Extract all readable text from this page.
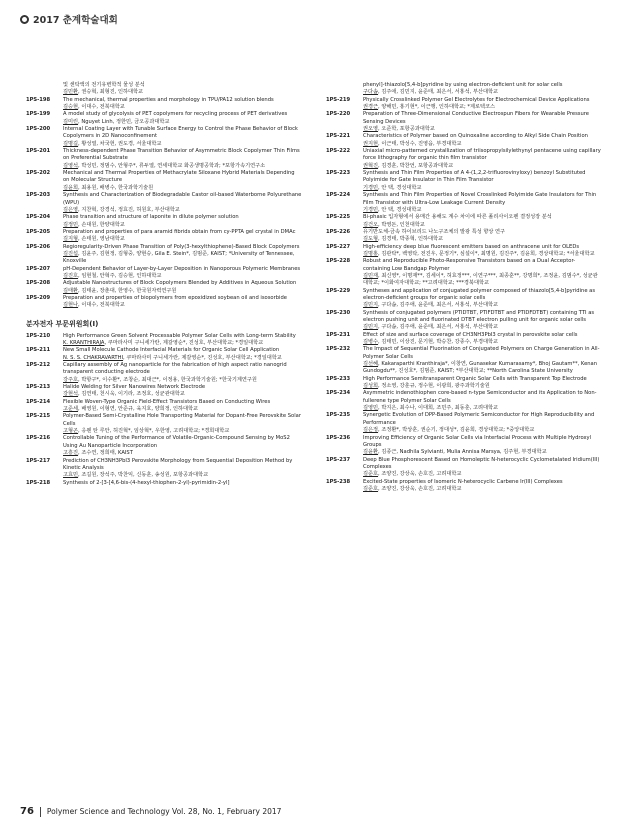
2017 춘계학술대회
및 센탁액의 전기유변학적 물성 분석
김민환, 권승혁, 최형진, 인하대학교
1PS-198	The mechanical, thermal properties and morphology in TPU/PA12 solution blends
김승현, 이대수, 전북대학교
1PS-199	A model study of glycolysis of PET copolymers for recycling process of PET derivatives
김미린, Nguyet Linh, 정한민, 금오공과대학교
1PS-200	Internal Coating Layer with Tunable Surface Energy to Control the Phase Behavior of Block Copolymers in 2D Nanoconfinement
김명길, 황성열, 차국헌, 권도경, 서울대학교
1PS-201	Thickness-dependent Phase Transition Behavior of Asymmetric Block Copolymer Thin Films on Preferential Substrate
김영석, 박성민, 정범수, 안형주*, 류두열, 연세대학교 화공생명공학과; *포항가속기연구소
1PS-202	Mechanical and Thermal Properties of Methacrylate Siloxane Hybrid Materials Depending on Molecular Structure
김윤희, 최용원, 배병수, 한국과학기술원
1PS-203	Synthesis and Characterization of Biodegradable Castor oil-based Waterborne Polyurethane (WPU)
김은영, 지찬혁, 강경석, 정효진, 허원호, 부산대학교
1PS-204	Phase transition and structure of laponite in dilute polymer solution
김정민, 손대원, 한양대학교
1PS-205	Preparation and properties of para aramid fibrids obtain from cy-PPTA gel crystal in DMAc
김지형, 손태원, 영남대학교
1PS-206	Regioregularity-Driven Phase Transition of Poly(3-hexylthiophene)-Based Block Copolymers
김진섭, 김윤주, 김현정, 김형중, 양현승, Gila E. Stein*, 김범준, KAIST; *University of Tennessee, Knoxville
1PS-207	pH-Dependent Behavior of Layer-by-Layer Deposition in Nanoporous Polymeric Membranes
김진호, 임현철, 안혁주, 김승현, 인하대학교
1PS-208	Adjustable Nanostructures of Block Copolymers Blended by Additives in Aqueous Solution
김태환, 김태윤, 장춘대, 한영수, 한국원자력연구원
1PS-209	Preparation and properties of biopolymers from epoxidized soybean oil and isosorbide
김현나, 이대수, 전북대학교
분자전자 부문위원회(I)
1PS-210	High Performance Green Solvent Processable Polymer Solar Cells with Long-term Stability
K. KRANTHIRAJA, 쿠마라사미 구니세가란, 제갈영순*, 진성호, 부산대학교; *경일대학교
1PS-211	New Small Molecule Cathode Interfacial Materials for Organic Solar Cell Application
N. S. S. CHAKRAVARTHI, 쿠마라사미 구니세가란, 제갈영순*, 진성호, 부산대학교; *경일대학교
1PS-212	Capillary assembly of Ag nanoparticle for the fabrication of high aspect ratio nanogrid transparent conducting electrode
강주호, 박항구*, 이수환*, 조창순, 최대근*, 이정용, 한국과학기술원; *한국기계연구원
1PS-213	Halide Welding for Silver Nanowires Network Electrode
강현석, 김연태, 천시욱, 이기라, 조정호, 성균관대학교
1PS-214	Flexible Woven-Type Organic Field-Effect Transistors Based on Conducting Wires
고준세, 배영원, 이형연, 안준규, 육지호, 양희정, 인하대학교
1PS-215	Polymer-Based Semi-Crystalline Hole Transporting Material for Dopant-Free Perovskite Solar Cells
고형곤, 응웬 탄 루안, 허진혁*, 임상혁*, 우한영, 고려대학교; *경희대학교
1PS-216	Controllable Tuning of the Performance of Volatile-Organic-Compound Sensing by MoS2 Using Au Nanoparticle Incorporation
고흥진, 조수연, 정희태, KAIST
1PS-217	Prediction of CH3NH3PbI3 Perovskite Morphology from Sequential Deposition Method by Kinetic Analysis
고효민, 조길원, 장석주, 박찬익, 신동훈, 송성원, 포항공과대학교
1PS-218	Synthesis of 2-[3-[4,6-bis-(4-hexyl-thiophen-2-yl)-pyrimidin-2-yl]
phenyl]-thiazolo[5,4-b]pyridine by using electron-deficient unit for solar cells
구다솜, 김주애, 김민지, 윤준태, 최은서, 서홍석, 부산대학교
1PS-219	Physically Crosslinked Polymer Gel Electrolytes for Electrochemical Device Applications
권경근, 양해민, 홍기현*, 이근행, 인하대학교; *제로텍코스
1PS-220	Preparation of Three-Dimensional Conductive Electrospun Fibers for Wearable Pressure Sensing Devices
권오영, 오준학, 포항공과대학교
1PS-221	Characteristics of Polymer based on Quinoxaline according to Alkyl Side Chain Position
권지현, 이근태, 박성수, 진영읍, 부경대학교
1PS-222	Uniaxial micro-patterned crystallization of triisopropylsilylethynyl pentacene using capillary force lithography for organic thin film transistor
권혁진, 김경훈, 박찬언, 포항공과대학교
1PS-223	Synthesis and Thin Film Properties of A 4-(1,2,2-trifluorovinyloxy) benzoyl Substituted Polyimide for Gate Insulator in Thin Film Transistor
기경민, 안 택, 경성대학교
1PS-224	Synthesis and Thin Film Properties of Novel Crosslinked Polyimide Gate Insulators for Thin Film Transistor with Ultra-Low Leakage Current Density
기경민, 안 택, 경성대학교
1PS-225	Bi-phasic 입자형에서 용매간 용해도 계수 차이에 따른 폴리사이오펜 결정성장 분석
김건오, 박영돈, 인천대학교
1PS-226	유기반도체-금속 하이브리드 나노구조체의 발광 특성 향상 연구
김도형, 김경태, 박종혁, 인하대학교
1PS-227	High-efficiency deep blue fluorescent emitters based on anthracene unit for OLEDs
김명홍, 김관탁*, 백영탁, 전진우, 문정기*, 심설이*, 최명원, 김진주*, 김윤희, 경상대학교; *서울대학교
1PS-228	Robust and Reproducible Photo-Responsive Transistors based on a Dual Acceptor-containing Low Bandgap Polymer
김민재, 최신영*, 이명재**, 김세이*, 허효정***, 이연구***, 최종훈**, 강명희*, 조정윤, 김범수*, 성균관대학교; *이화여자대학교; **고려대학교; ***경북대학교
1PS-229	Syntheses and application of conjugated polymer composed of thiazolo[5,4-b]pyridine as electron-deficient groups for organic solar cells
김민지, 구다솜, 김주애, 윤준태, 최은서, 서홍석, 부산대학교
1PS-230	Synthesis of conjugated polymers (PTIDTBT, PTIFDTBT and PTIDFDTBT) containing TTI as electron pushing unit and fluorinated DTBT electron pulling unit for organic solar cells
김민지, 구다솜, 김주애, 윤준태, 최은서, 서홍석, 부산대학교
1PS-231	Effect of size and surface coverage of CH3NH3PbI3 crystal in perovskite solar cells
김병수, 김태민, 이상진, 문기현, 박승찬, 강종수, 부경대학교
1PS-232	The Impact of Sequential Fluorination of Conjugated Polymers on Charge Generation in All-Polymer Solar Cells
김선혜, Kakaraparthi Kranthiraja*, 이창연, Gunasekar Kumarasamy*, Bhoj Gautam**, Kenan Gundogdu**, 진성호*, 김범준, KAIST; *부산대학교; **North Carolina State University
1PS-233	High Performance Semitransparent Organic Solar Cells with Transparent Top Electrode
김성희, 정소영, 강훈규, 정수현, 이광희, 광주과학기술원
1PS-234	Asymmetric indenothiophen core-based n-type Semiconductor and its Application to Non-fullerene type Polymer Solar Cells
김영민, 박지은, 최수나, 이대희, 조민주, 최동훈, 고려대학교
1PS-235	Synergetic Evolution of DPP-Based Polymeric Semiconductor for High Reproducibility and Performance
김은정, 조정환*, 박상훈, 권순기, 정대성*, 김윤희, 경상대학교; *중앙대학교
1PS-236	Improving Efficiency of Organic Solar Cells via Interfacial Process with Multiple Hydroxyl Groups
김윤환, 김종근, Nadhila Sylvianti, Mulia Annisa Marsya, 김주현, 부경대학교
1PS-237	Deep Blue Phosphorescent Based on Homoleptic N-heterocyclic Cyclometalated Iridium(III) Complexes
김준호, 조양진, 강상욱, 손호진, 고려대학교
1PS-238	Excited-State properties of Isomeric N-heterocyclic Carbene Ir(III) Complexes
김준호, 조양진, 강상욱, 손호진, 고려대학교
76 Polymer Science and Technology Vol. 28, No. 1, February 2017
